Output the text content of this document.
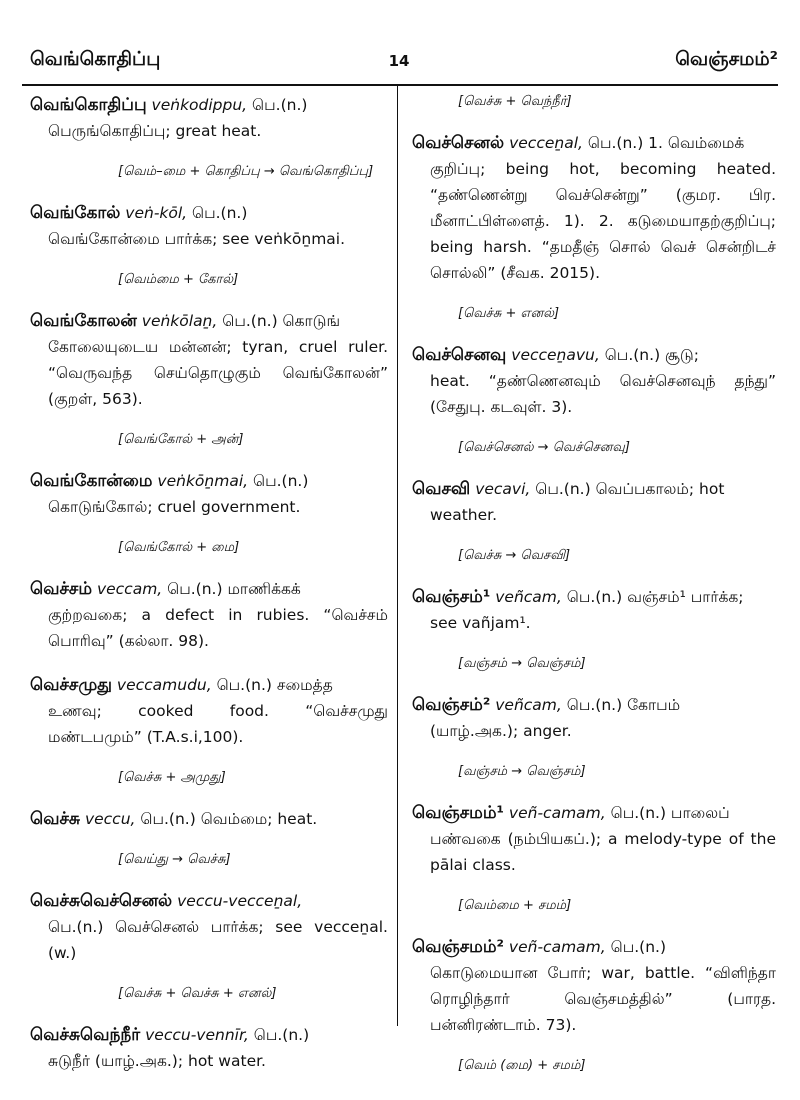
வெங்கொதிப்பு	14	வெஞ்சமம்²
வெங்கொதிப்பு veṅkodippu, பெ.(n.)
பெருங்கொதிப்பு; great heat.
[வெம்–மை + கொதிப்பு → வெங்கொதிப்பு]
வெங்கோல் veṅ-kōl, பெ.(n.)
வெங்கோன்மை பார்க்க; see veṅkōṉmai.
[வெம்மை + கோல்]
வெங்கோலன் veṅkōlaṉ, பெ.(n.) கொடுங்
கோலையுடைய மன்னன்; tyran, cruel ruler. “வெருவந்த செய்தொழுகும் வெங்கோலன்” (குறள், 563).
[வெங்கோல் + அன்]
வெங்கோன்மை veṅkōṉmai, பெ.(n.)
கொடுங்கோல்; cruel government.
[வெங்கோல் + மை]
வெச்சம் veccam, பெ.(n.) மாணிக்கக்
குற்றவகை; a defect in rubies. “வெச்சம் பொரிவு” (கல்லா. 98).
வெச்சமுது veccamudu, பெ.(n.) சமைத்த
உணவு; cooked food. “வெச்சமுது மண்டபமும்” (T.A.s.i,100).
[வெச்சு + அமுது]
வெச்சு veccu, பெ.(n.) வெம்மை; heat.
[வெய்து → வெச்சு]
வெச்சுவெச்செனல் veccu-vecceṉal,
பெ.(n.) வெச்செனல் பார்க்க; see vecceṉal. (w.)
[வெச்சு + வெச்சு + எனல்]
வெச்சுவெந்நீர் veccu-vennīr, பெ.(n.)
சுடுநீர் (யாழ்.அக.); hot water.
[வெச்சு + வெந்நீர்]
வெச்செனல் vecceṉal, பெ.(n.) 1. வெம்மைக்
குறிப்பு; being hot, becoming heated. “தண்ணென்று வெச்சென்று” (குமர. பிர. மீனாட்பிள்ளைத். 1). 2. கடுமையாதற்குறிப்பு; being harsh. “தமதீஞ் சொல் வெச் சென்றிடச் சொல்லி” (சீவக. 2015).
[வெச்சு + எனல்]
வெச்செனவு vecceṉavu, பெ.(n.) சூடு;
heat. “தண்ணெனவும் வெச்செனவுந் தந்து” (சேதுபு. கடவுள். 3).
[வெச்செனல் → வெச்செனவு]
வெசவி vecavi, பெ.(n.) வெப்பகாலம்; hot
weather.
[வெச்சு → வெசவி]
வெஞ்சம்¹ veñcam, பெ.(n.) வஞ்சம்¹ பார்க்க;
see vañjam¹.
[வஞ்சம் → வெஞ்சம்]
வெஞ்சம்² veñcam, பெ.(n.) கோபம்
(யாழ்.அக.); anger.
[வஞ்சம் → வெஞ்சம்]
வெஞ்சமம்¹ veñ-camam, பெ.(n.) பாலைப்
பண்வகை (நம்பியகப்.); a melody-type of the pālai class.
[வெம்மை + சமம்]
வெஞ்சமம்² veñ-camam, பெ.(n.)
கொடுமையான போர்; war, battle. “விளிந்தா ரொழிந்தார் வெஞ்சமத்தில்” (பாரத. பன்னிரண்டாம். 73).
[வெம் (மை) + சமம்]
